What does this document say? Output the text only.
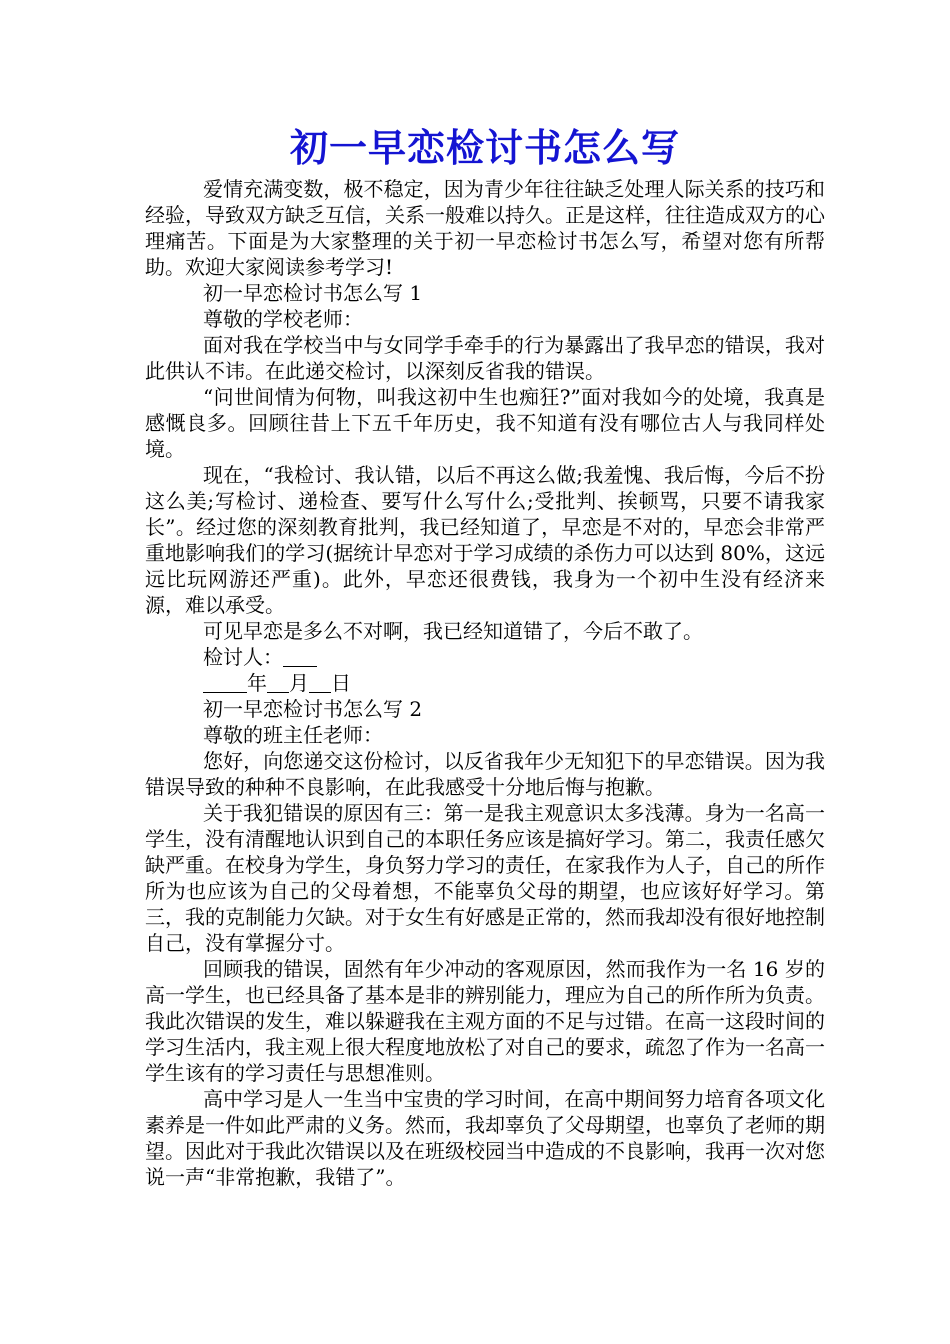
初一早恋检讨书怎么写

爱情充满变数，极不稳定，因为青少年往往缺乏处理人际关系的技巧和经验，导致双方缺乏互信，关系一般难以持久。正是这样，往往造成双方的心理痛苦。下面是为大家整理的关于初一早恋检讨书怎么写，希望对您有所帮助。欢迎大家阅读参考学习!

初一早恋检讨书怎么写 1

尊敬的学校老师：

面对我在学校当中与女同学手牵手的行为暴露出了我早恋的错误，我对此供认不讳。在此递交检讨，以深刻反省我的错误。

“问世间情为何物，叫我这初中生也痴狂?”面对我如今的处境，我真是感慨良多。回顾往昔上下五千年历史，我不知道有没有哪位古人与我同样处境。

现在，“我检讨、我认错，以后不再这么做;我羞愧、我后悔，今后不扮这么美;写检讨、递检查、要写什么写什么;受批判、挨顿骂，只要不请我家长”。经过您的深刻教育批判，我已经知道了，早恋是不对的，早恋会非常严重地影响我们的学习(据统计早恋对于学习成绩的杀伤力可以达到 80%，这远远比玩网游还严重)。此外，早恋还很费钱，我身为一个初中生没有经济来源，难以承受。

可见早恋是多么不对啊，我已经知道错了，今后不敢了。

检讨人：

年 月 日

初一早恋检讨书怎么写 2

尊敬的班主任老师：

您好，向您递交这份检讨，以反省我年少无知犯下的早恋错误。因为我错误导致的种种不良影响，在此我感受十分地后悔与抱歉。

关于我犯错误的原因有三：第一是我主观意识太多浅薄。身为一名高一学生，没有清醒地认识到自己的本职任务应该是搞好学习。第二，我责任感欠缺严重。在校身为学生，身负努力学习的责任，在家我作为人子，自己的所作所为也应该为自己的父母着想，不能辜负父母的期望，也应该好好学习。第三，我的克制能力欠缺。对于女生有好感是正常的，然而我却没有很好地控制自己，没有掌握分寸。

回顾我的错误，固然有年少冲动的客观原因，然而我作为一名 16 岁的高一学生，也已经具备了基本是非的辨别能力，理应为自己的所作所为负责。我此次错误的发生，难以躲避我在主观方面的不足与过错。在高一这段时间的学习生活内，我主观上很大程度地放松了对自己的要求，疏忽了作为一名高一学生该有的学习责任与思想准则。

高中学习是人一生当中宝贵的学习时间，在高中期间努力培育各项文化素养是一件如此严肃的义务。然而，我却辜负了父母期望，也辜负了老师的期望。因此对于我此次错误以及在班级校园当中造成的不良影响，我再一次对您说一声“非常抱歉，我错了”。
